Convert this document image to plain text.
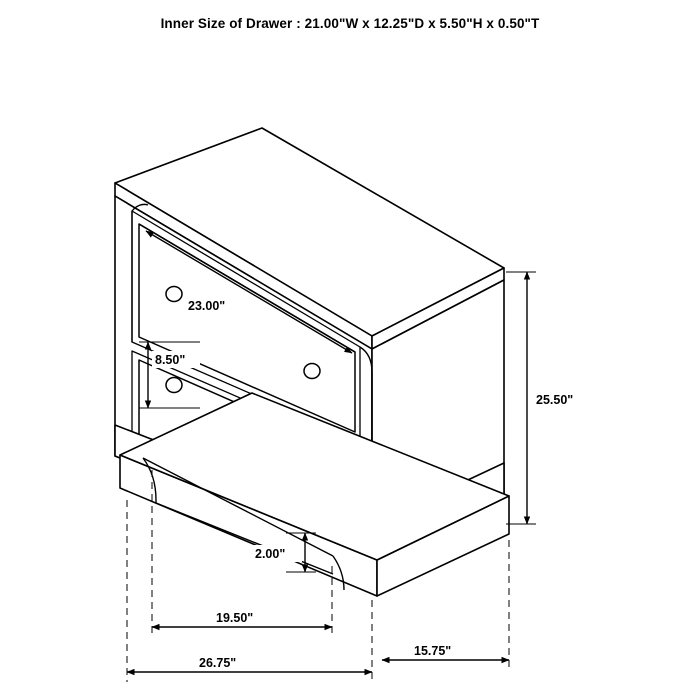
Inner Size of Drawer : 21.00"W x 12.25"D x 5.50"H x 0.50"T
23.00"
8.50"
25.50"
2.00"
19.50"
26.75"
15.75"
